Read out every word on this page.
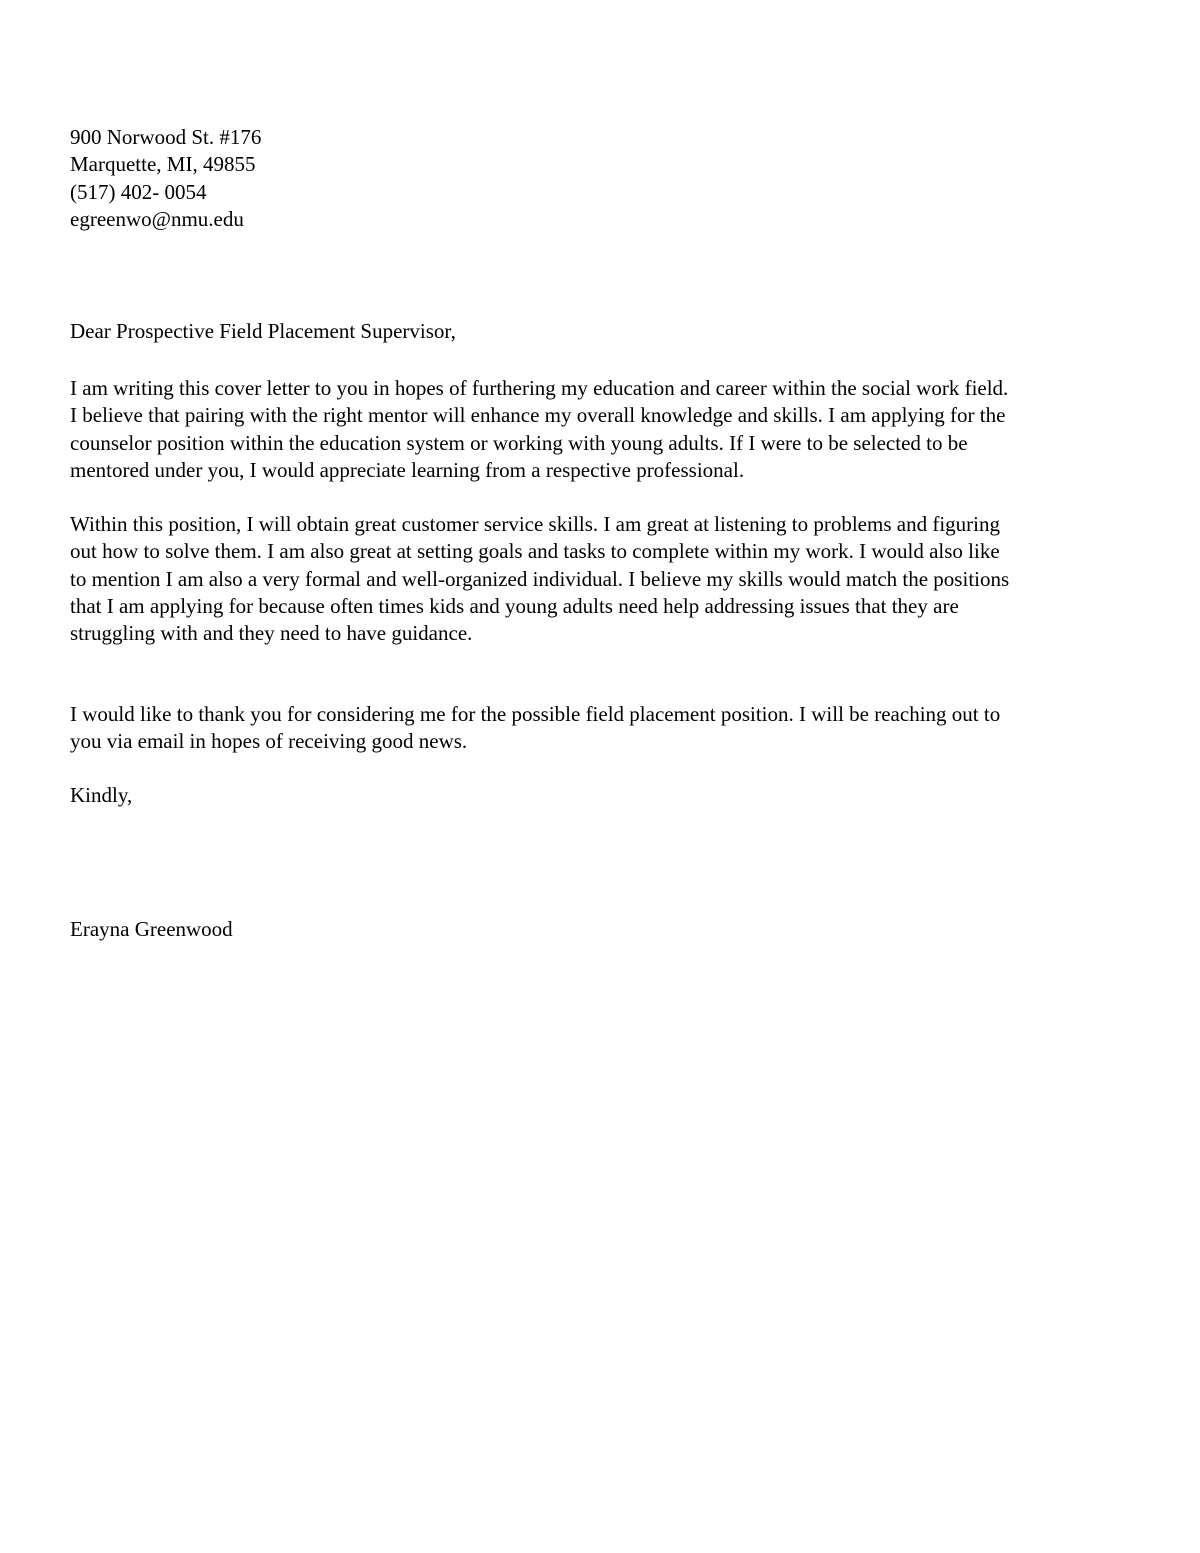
900 Norwood St. #176
Marquette, MI, 49855
(517) 402- 0054
egreenwo@nmu.edu
Dear Prospective Field Placement Supervisor,
I am writing this cover letter to you in hopes of furthering my education and career within the social work field.
I believe that pairing with the right mentor will enhance my overall knowledge and skills. I am applying for the
counselor position within the education system or working with young adults. If I were to be selected to be
mentored under you, I would appreciate learning from a respective professional.
Within this position, I will obtain great customer service skills. I am great at listening to problems and figuring
out how to solve them. I am also great at setting goals and tasks to complete within my work. I would also like
to mention I am also a very formal and well-organized individual. I believe my skills would match the positions
that I am applying for because often times kids and young adults need help addressing issues that they are
struggling with and they need to have guidance.
I would like to thank you for considering me for the possible field placement position. I will be reaching out to
you via email in hopes of receiving good news.
Kindly,
Erayna Greenwood
